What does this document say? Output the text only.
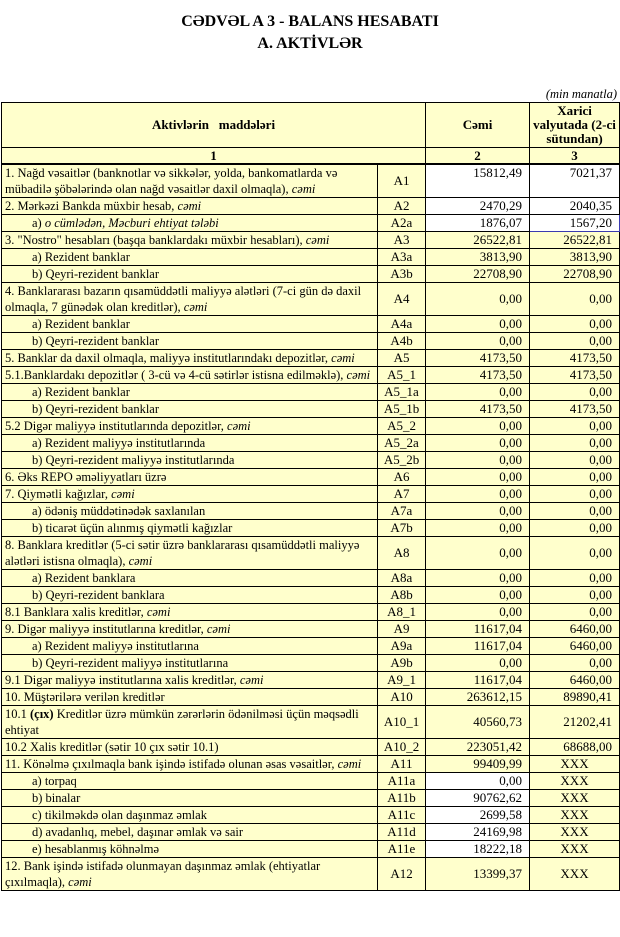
CƏDVƏL A 3 - BALANS HESABATI
A. AKTİVLƏR
(min manatla)
Aktivlərin   maddələri		Cəmi	Xarici valyutada (2-ci sütundan)
1		2	3
1. Nağd vəsaitlər (banknotlar və sikkələr, yolda, bankomatlarda və mübadilə şöbələrində olan nağd vəsaitlər daxil olmaqla), cəmi	A1	15812,49	7021,37
2. Mərkəzi Bankda müxbir hesab, cəmi	A2	2470,29	2040,35
a) o cümlədən, Məcburi ehtiyat tələbi	A2a	1876,07	1567,20
3. "Nostro" hesabları (başqa banklardakı müxbir hesabları), cəmi	A3	26522,81	26522,81
a) Rezident banklar	A3a	3813,90	3813,90
b) Qeyri-rezident banklar	A3b	22708,90	22708,90
4. Banklararası bazarın qısamüddətli maliyyə alətləri (7-ci gün də daxil olmaqla, 7 günədək olan kreditlər), cəmi	A4	0,00	0,00
a) Rezident banklar	A4a	0,00	0,00
b) Qeyri-rezident banklar	A4b	0,00	0,00
5. Banklar da daxil olmaqla, maliyyə institutlarındakı depozitlər, cəmi	A5	4173,50	4173,50
5.1.Banklardakı depozitlər ( 3-cü və 4-cü sətirlər istisna edilməklə), cəmi	A5_1	4173,50	4173,50
a) Rezident banklar	A5_1a	0,00	0,00
b) Qeyri-rezident banklar	A5_1b	4173,50	4173,50
5.2 Digər maliyyə institutlarında depozitlər, cəmi	A5_2	0,00	0,00
a) Rezident maliyyə institutlarında	A5_2a	0,00	0,00
b) Qeyri-rezident maliyyə institutlarında	A5_2b	0,00	0,00
6. Əks REPO əməliyyatları üzrə	A6	0,00	0,00
7. Qiymətli kağızlar, cəmi	A7	0,00	0,00
a) ödəniş müddətinədək saxlanılan	A7a	0,00	0,00
b) ticarət üçün alınmış qiymətli kağızlar	A7b	0,00	0,00
8. Banklara kreditlər (5-ci sətir üzrə banklararası qısamüddətli maliyyə alətləri istisna olmaqla), cəmi	A8	0,00	0,00
a) Rezident banklara	A8a	0,00	0,00
b) Qeyri-rezident banklara	A8b	0,00	0,00
8.1 Banklara xalis kreditlər, cəmi	A8_1	0,00	0,00
9. Digər maliyyə institutlarına kreditlər, cəmi	A9	11617,04	6460,00
a) Rezident maliyyə institutlarına	A9a	11617,04	6460,00
b) Qeyri-rezident maliyyə institutlarına	A9b	0,00	0,00
9.1 Digər maliyyə institutlarına xalis kreditlər, cəmi	A9_1	11617,04	6460,00
10. Müştərilərə verilən kreditlər	A10	263612,15	89890,41
10.1 (çıx) Kreditlər üzrə mümkün zərərlərin ödənilməsi üçün məqsədli ehtiyat	A10_1	40560,73	21202,41
10.2 Xalis kreditlər (sətir 10 çıx sətir 10.1)	A10_2	223051,42	68688,00
11. Könəlmə çıxılmaqla bank işində istifadə olunan əsas vəsaitlər, cəmi	A11	99409,99	XXX
a) torpaq	A11a	0,00	XXX
b) binalar	A11b	90762,62	XXX
c) tikilməkdə olan daşınmaz əmlak	A11c	2699,58	XXX
d) avadanlıq, mebel, daşınar əmlak və sair	A11d	24169,98	XXX
e) hesablanmış köhnəlmə	A11e	18222,18	XXX
12. Bank işində istifadə olunmayan daşınmaz əmlak (ehtiyatlar çıxılmaqla), cəmi	A12	13399,37	XXX
